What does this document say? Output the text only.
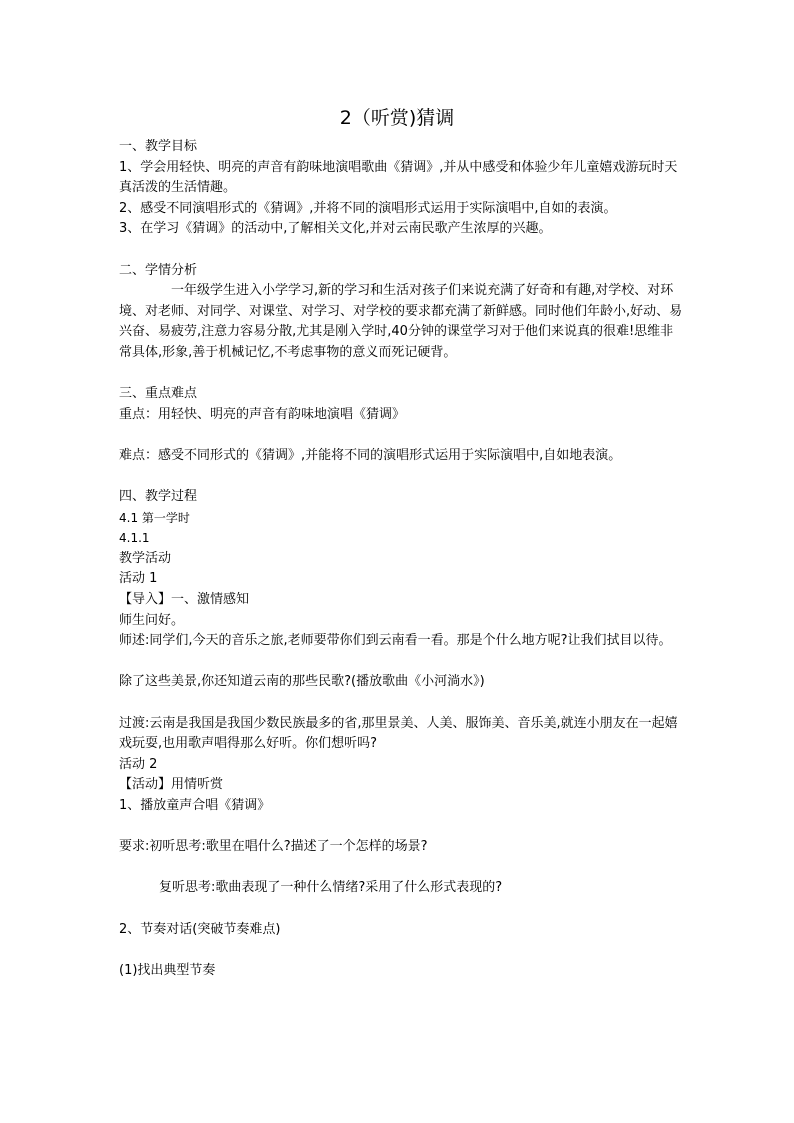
2（听赏)猜调

一、教学目标

1、学会用轻快、明亮的声音有韵味地演唱歌曲《猜调》,并从中感受和体验少年儿童嬉戏游玩时天真活泼的生活情趣。

2、感受不同演唱形式的《猜调》,并将不同的演唱形式运用于实际演唱中,自如的表演。

3、在学习《猜调》的活动中,了解相关文化,并对云南民歌产生浓厚的兴趣。

二、学情分析

一年级学生进入小学学习,新的学习和生活对孩子们来说充满了好奇和有趣,对学校、对环境、对老师、对同学、对课堂、对学习、对学校的要求都充满了新鲜感。同时他们年龄小,好动、易兴奋、易疲劳,注意力容易分散,尤其是刚入学时,40分钟的课堂学习对于他们来说真的很难!思维非常具体,形象,善于机械记忆,不考虑事物的意义而死记硬背。

三、重点难点

重点：用轻快、明亮的声音有韵味地演唱《猜调》

难点：感受不同形式的《猜调》,并能将不同的演唱形式运用于实际演唱中,自如地表演。

四、教学过程

4.1 第一学时

4.1.1

教学活动

活动 1

【导入】一、激情感知

师生问好。

师述:同学们,今天的音乐之旅,老师要带你们到云南看一看。那是个什么地方呢?让我们拭目以待。

除了这些美景,你还知道云南的那些民歌?(播放歌曲《小河淌水》)

过渡:云南是我国是我国少数民族最多的省,那里景美、人美、服饰美、音乐美,就连小朋友在一起嬉戏玩耍,也用歌声唱得那么好听。你们想听吗?

活动 2

【活动】用情听赏

1、播放童声合唱《猜调》

要求:初听思考:歌里在唱什么?描述了一个怎样的场景?

复听思考:歌曲表现了一种什么情绪?采用了什么形式表现的?

2、节奏对话(突破节奏难点)

(1)找出典型节奏
